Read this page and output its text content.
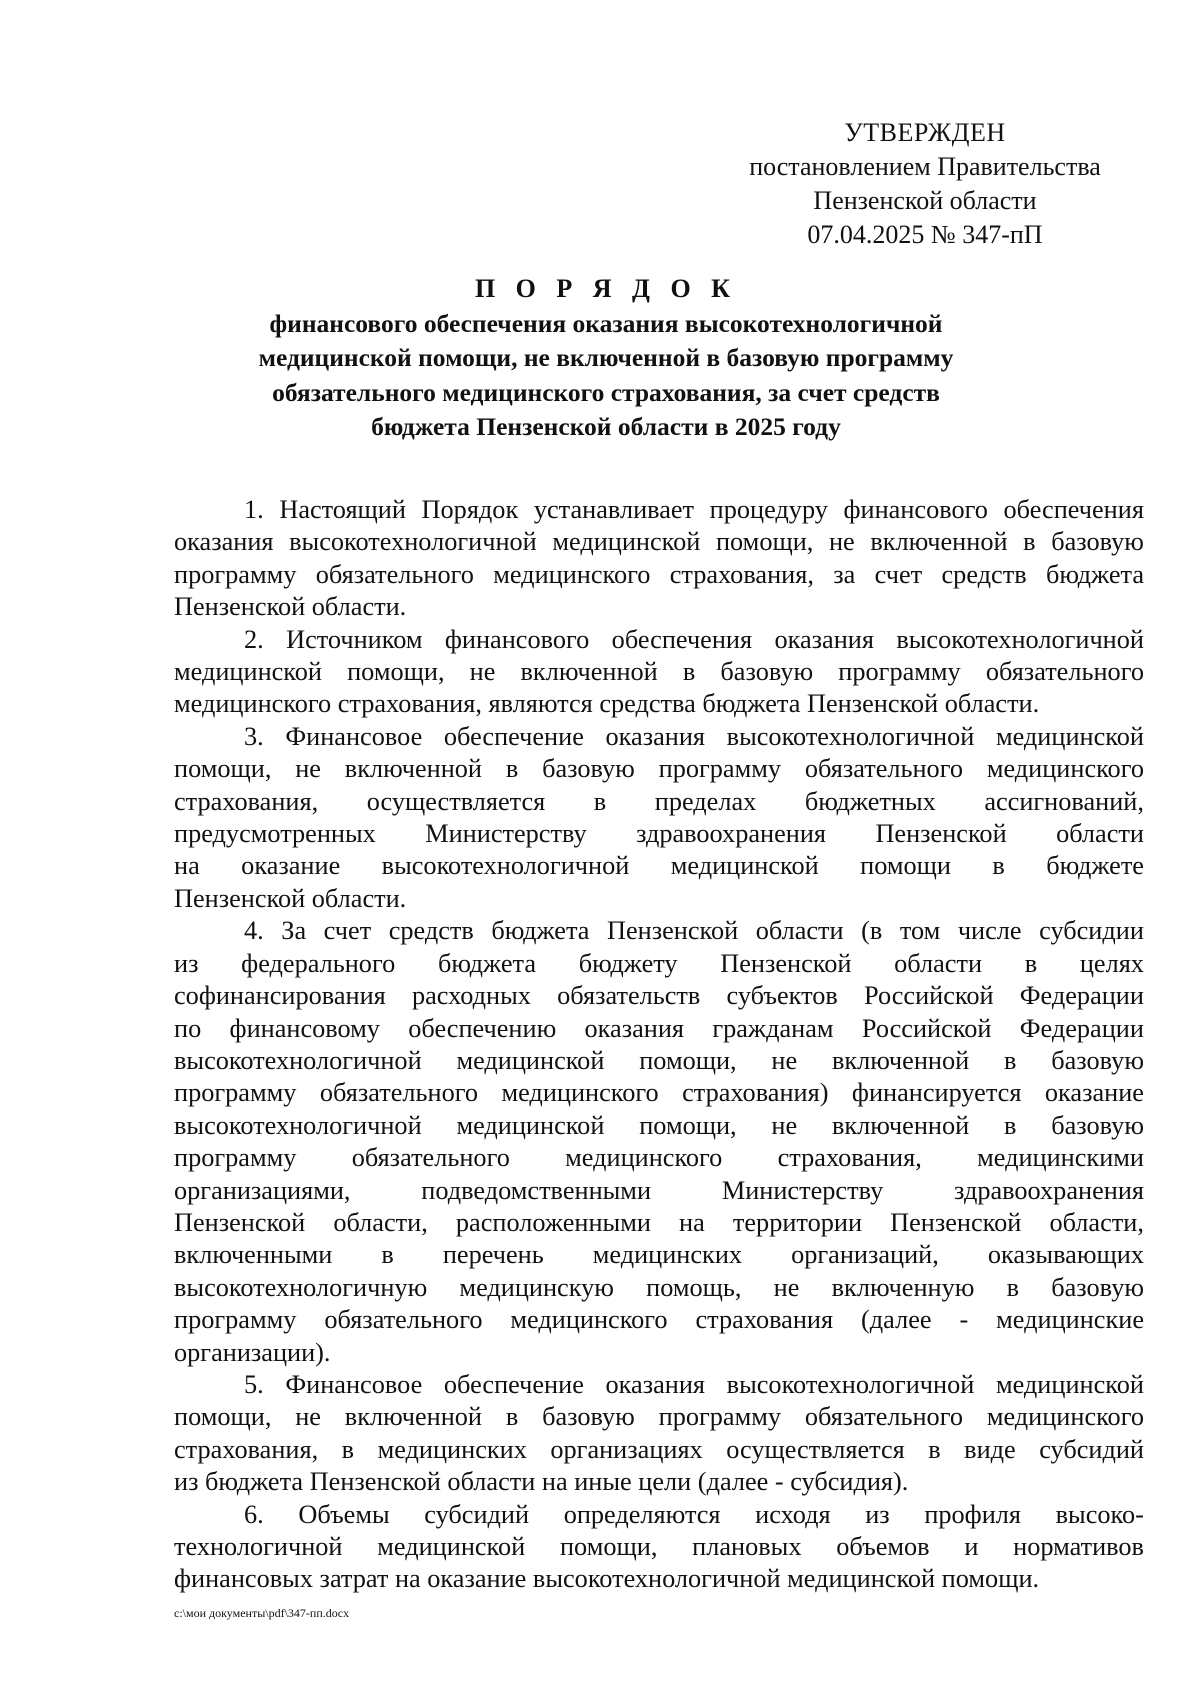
УТВЕРЖДЕН
постановлением Правительства
Пензенской области
07.04.2025 № 347-пП
П О Р Я Д О К
финансового обеспечения оказания высокотехнологичной
медицинской помощи, не включенной в базовую программу
обязательного медицинского страхования, за счет средств
бюджета Пензенской области в 2025 году

1. Настоящий Порядок устанавливает процедуру финансового обеспечения
оказания высокотехнологичной медицинской помощи, не включенной в базовую
программу обязательного медицинского страхования, за счет средств бюджета
Пензенской области.

2. Источником финансового обеспечения оказания высокотехнологичной
медицинской помощи, не включенной в базовую программу обязательного
медицинского страхования, являются средства бюджета Пензенской области.

3. Финансовое обеспечение оказания высокотехнологичной медицинской
помощи, не включенной в базовую программу обязательного медицинского
страхования, осуществляется в пределах бюджетных ассигнований,
предусмотренных Министерству здравоохранения Пензенской области
на оказание высокотехнологичной медицинской помощи в бюджете
Пензенской области.

4. За счет средств бюджета Пензенской области (в том числе субсидии
из федерального бюджета бюджету Пензенской области в целях
софинансирования расходных обязательств субъектов Российской Федерации
по финансовому обеспечению оказания гражданам Российской Федерации
высокотехнологичной медицинской помощи, не включенной в базовую
программу обязательного медицинского страхования) финансируется оказание
высокотехнологичной медицинской помощи, не включенной в базовую
программу обязательного медицинского страхования, медицинскими
организациями,	подведомственными	Министерству	здравоохранения
Пензенской области, расположенными на территории Пензенской области,
включенными в перечень медицинских организаций, оказывающих
высокотехнологичную медицинскую помощь, не включенную в базовую
программу обязательного медицинского страхования (далее - медицинские
организации).

5. Финансовое обеспечение оказания высокотехнологичной медицинской
помощи, не включенной в базовую программу обязательного медицинского
страхования, в медицинских организациях осуществляется в виде субсидий
из бюджета Пензенской области на иные цели (далее - субсидия).

6. Объемы субсидий определяются исходя из профиля высоко-
технологичной медицинской помощи, плановых объемов и нормативов
финансовых затрат на оказание высокотехнологичной медицинской помощи.

c:\мои документы\pdf\347-пп.docx
